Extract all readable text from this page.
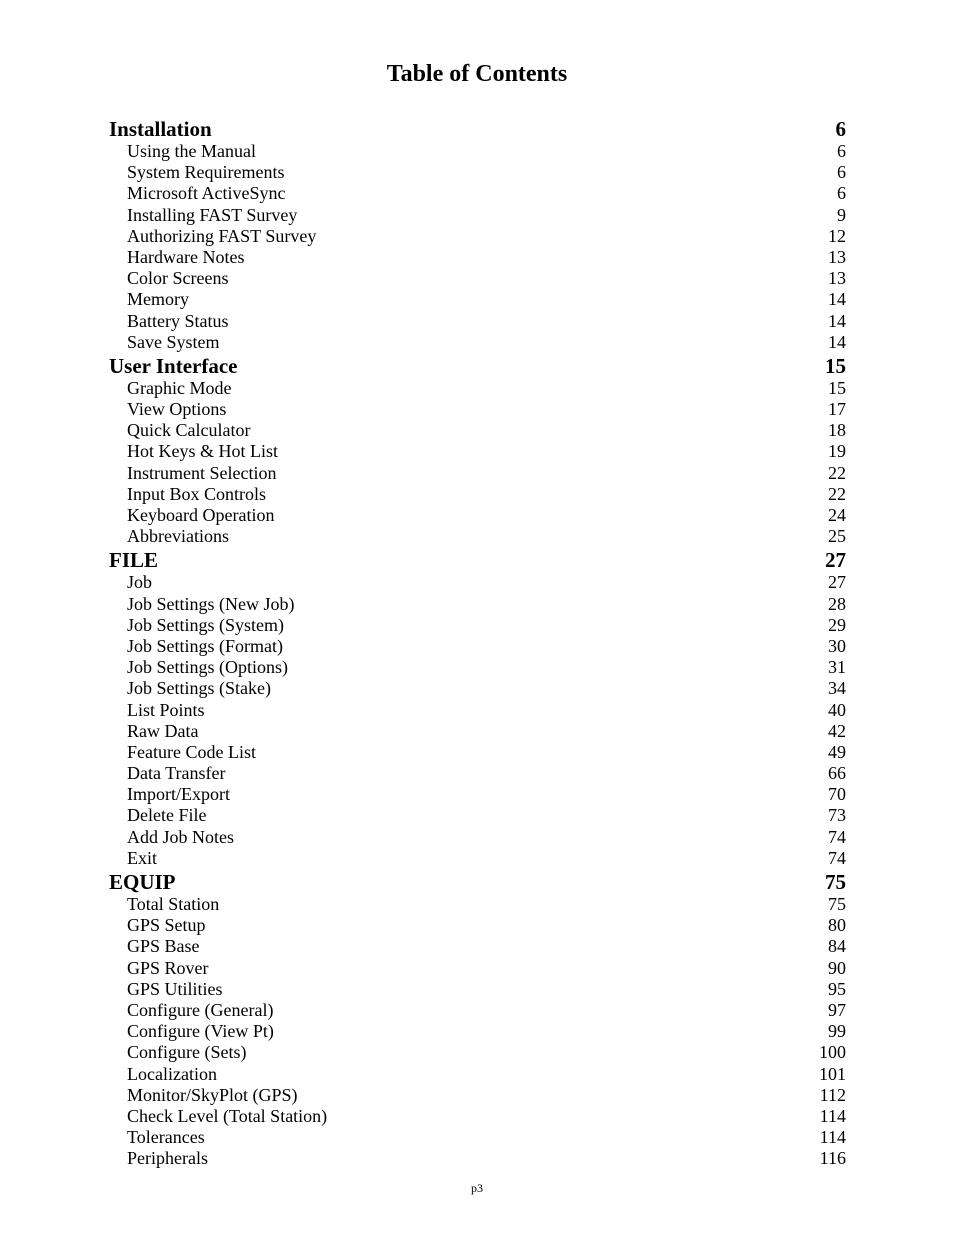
Table of Contents
Installation	6
Using the Manual	6
System Requirements	6
Microsoft ActiveSync	6
Installing FAST Survey	9
Authorizing FAST Survey	12
Hardware Notes	13
Color Screens	13
Memory	14
Battery Status	14
Save System	14
User Interface	15
Graphic Mode	15
View Options	17
Quick Calculator	18
Hot Keys & Hot List	19
Instrument Selection	22
Input Box Controls	22
Keyboard Operation	24
Abbreviations	25
FILE	27
Job	27
Job Settings (New Job)	28
Job Settings (System)	29
Job Settings (Format)	30
Job Settings (Options)	31
Job Settings (Stake)	34
List Points	40
Raw Data	42
Feature Code List	49
Data Transfer	66
Import/Export	70
Delete File	73
Add Job Notes	74
Exit	74
EQUIP	75
Total Station	75
GPS Setup	80
GPS Base	84
GPS Rover	90
GPS Utilities	95
Configure (General)	97
Configure (View Pt)	99
Configure (Sets)	100
Localization	101
Monitor/SkyPlot (GPS)	112
Check Level (Total Station)	114
Tolerances	114
Peripherals	116
p3
